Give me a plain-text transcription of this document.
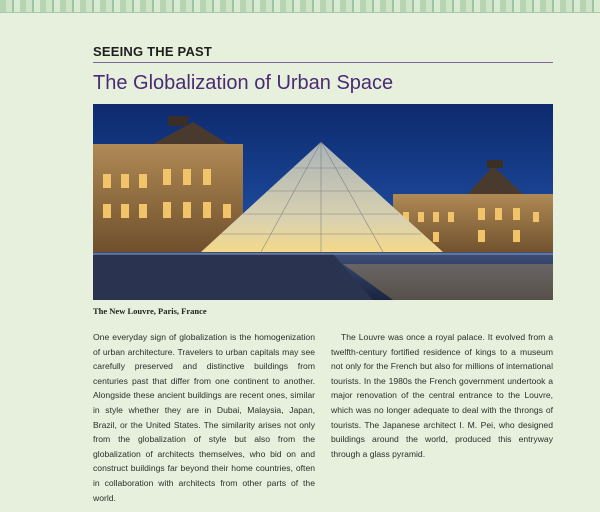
SEEING THE PAST
The Globalization of Urban Space
The New Louvre, Paris, France
One everyday sign of globalization is the homogenization of urban architecture. Travelers to urban capitals may see carefully preserved and distinctive buildings from centuries past that differ from one continent to another. Alongside these ancient buildings are recent ones, similar in style whether they are in Dubai, Malaysia, Japan, Brazil, or the United States. The similarity arises not only from the globalization of style but also from the globalization of architects themselves, who bid on and construct buildings far beyond their home countries, often in collaboration with architects from other parts of the world.
The Louvre was once a royal palace. It evolved from a twelfth-century fortified residence of kings to a museum not only for the French but also for millions of international tourists. In the 1980s the French government undertook a major renovation of the central entrance to the Louvre, which was no longer adequate to deal with the throngs of tourists. The Japanese architect I. M. Pei, who designed buildings around the world, produced this entryway through a glass pyramid.
